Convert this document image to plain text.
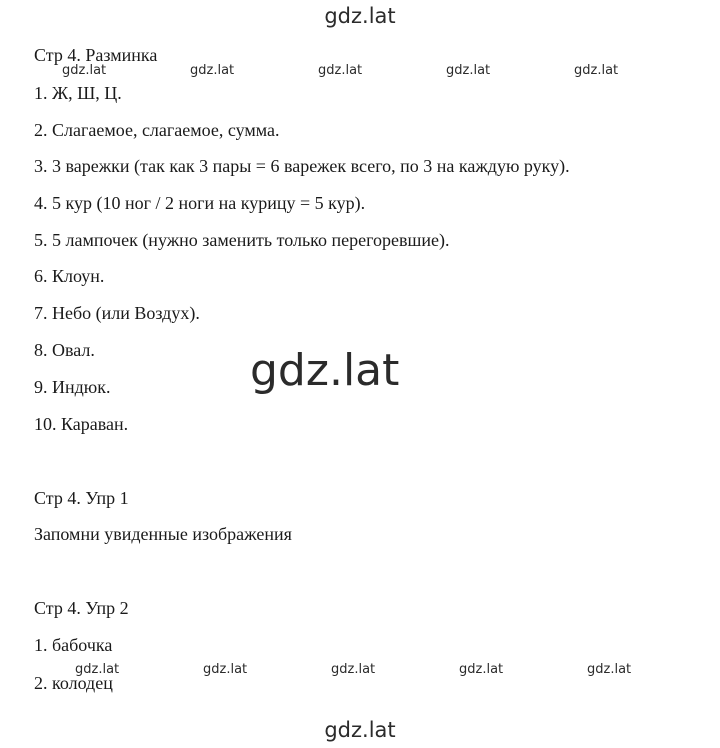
gdz.lat
gdz.lat	gdz.lat	gdz.lat	gdz.lat	gdz.lat
gdz.lat
gdz.lat	gdz.lat	gdz.lat	gdz.lat	gdz.lat
gdz.lat
Стр 4. Разминка
1. Ж, Ш, Ц.
2. Слагаемое, слагаемое, сумма.
3. 3 варежки (так как 3 пары = 6 варежек всего, по 3 на каждую руку).
4. 5 кур (10 ног / 2 ноги на курицу = 5 кур).
5. 5 лампочек (нужно заменить только перегоревшие).
6. Клоун.
7. Небо (или Воздух).
8. Овал.
9. Индюк.
10. Караван.
Стр 4. Упр 1
Запомни увиденные изображения
Стр 4. Упр 2
1. бабочка
2. колодец
